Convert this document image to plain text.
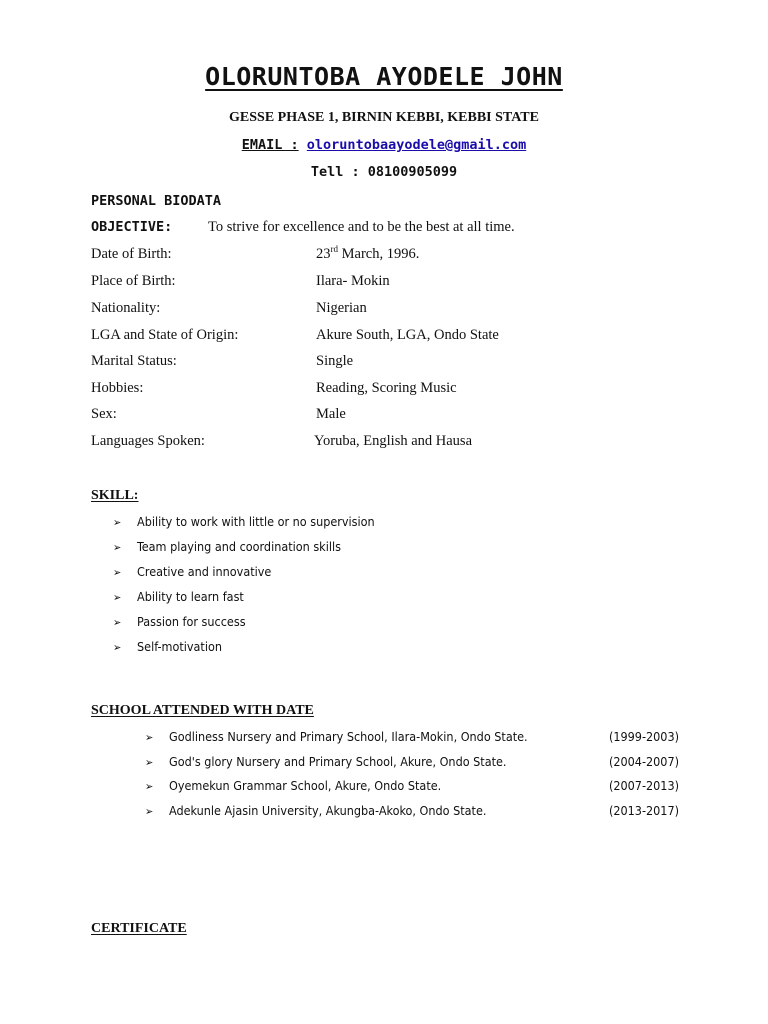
OLORUNTOBA AYODELE JOHN
GESSE PHASE 1, BIRNIN KEBBI, KEBBI STATE
EMAIL : oloruntobaayodele@gmail.com
Tell : 08100905099
PERSONAL BIODATA
OBJECTIVE: To strive for excellence and to be the best at all time.
Date of Birth:	23rd March, 1996.
Place of Birth:	Ilara- Mokin
Nationality:	Nigerian
LGA and State of Origin:	Akure South, LGA, Ondo State
Marital Status:	Single
Hobbies:	Reading, Scoring Music
Sex:	Male
Languages Spoken:	Yoruba, English and Hausa
SKILL:
➢ Ability to work with little or no supervision
➢ Team playing and coordination skills
➢ Creative and innovative
➢ Ability to learn fast
➢ Passion for success
➢ Self-motivation
SCHOOL ATTENDED WITH DATE
➢ Godliness Nursery and Primary School, Ilara-Mokin, Ondo State.	(1999-2003)
➢ God's glory Nursery and Primary School, Akure, Ondo State.	(2004-2007)
➢ Oyemekun Grammar School, Akure, Ondo State.	(2007-2013)
➢ Adekunle Ajasin University, Akungba-Akoko, Ondo State.	(2013-2017)
CERTIFICATE
